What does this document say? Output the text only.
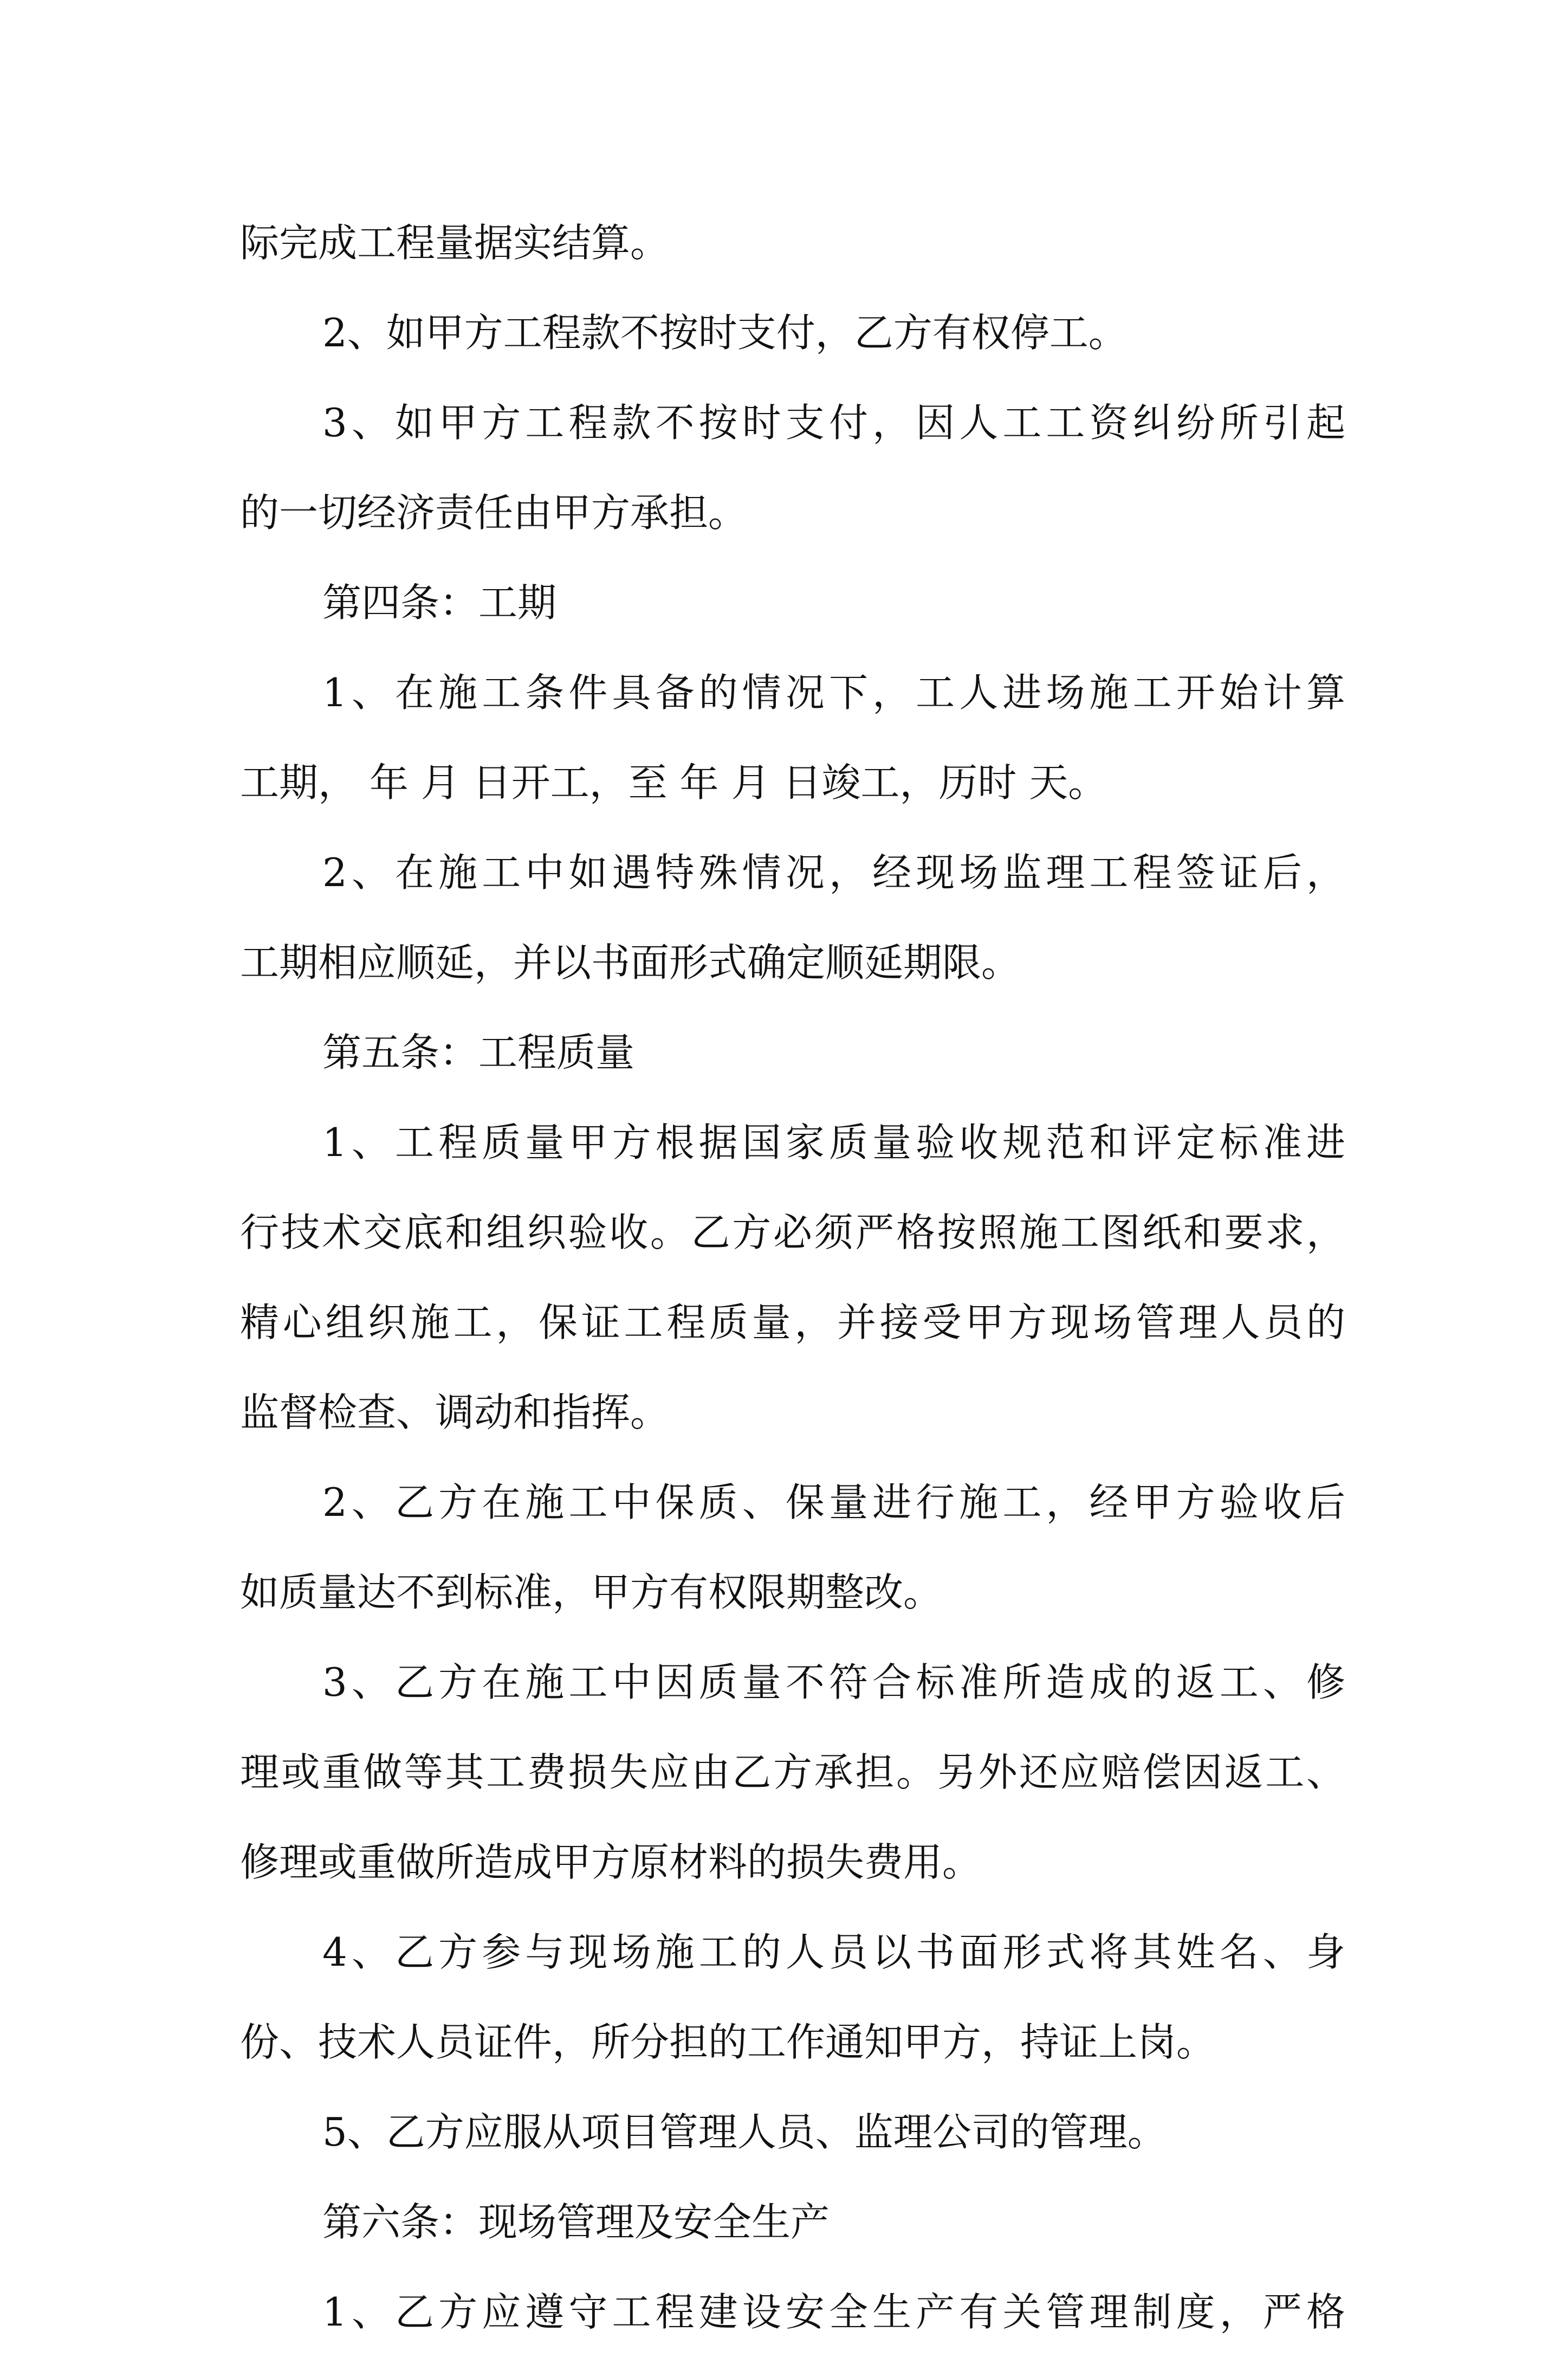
际完成工程量据实结算。
2、如甲方工程款不按时支付，乙方有权停工。
3、如甲方工程款不按时支付，因人工工资纠纷所引起
的一切经济责任由甲方承担。
第四条：工期
1、在施工条件具备的情况下，工人进场施工开始计算
工期， 年 月 日开工，至 年 月 日竣工，历时 天。
2、在施工中如遇特殊情况，经现场监理工程签证后，
工期相应顺延，并以书面形式确定顺延期限。
第五条：工程质量
1、工程质量甲方根据国家质量验收规范和评定标准进
行技术交底和组织验收。乙方必须严格按照施工图纸和要求，
精心组织施工，保证工程质量，并接受甲方现场管理人员的
监督检查、调动和指挥。
2、乙方在施工中保质、保量进行施工，经甲方验收后
如质量达不到标准，甲方有权限期整改。
3、乙方在施工中因质量不符合标准所造成的返工、修
理或重做等其工费损失应由乙方承担。另外还应赔偿因返工、
修理或重做所造成甲方原材料的损失费用。
4、乙方参与现场施工的人员以书面形式将其姓名、身
份、技术人员证件，所分担的工作通知甲方，持证上岗。
5、乙方应服从项目管理人员、监理公司的管理。
第六条：现场管理及安全生产
1、乙方应遵守工程建设安全生产有关管理制度，严格
